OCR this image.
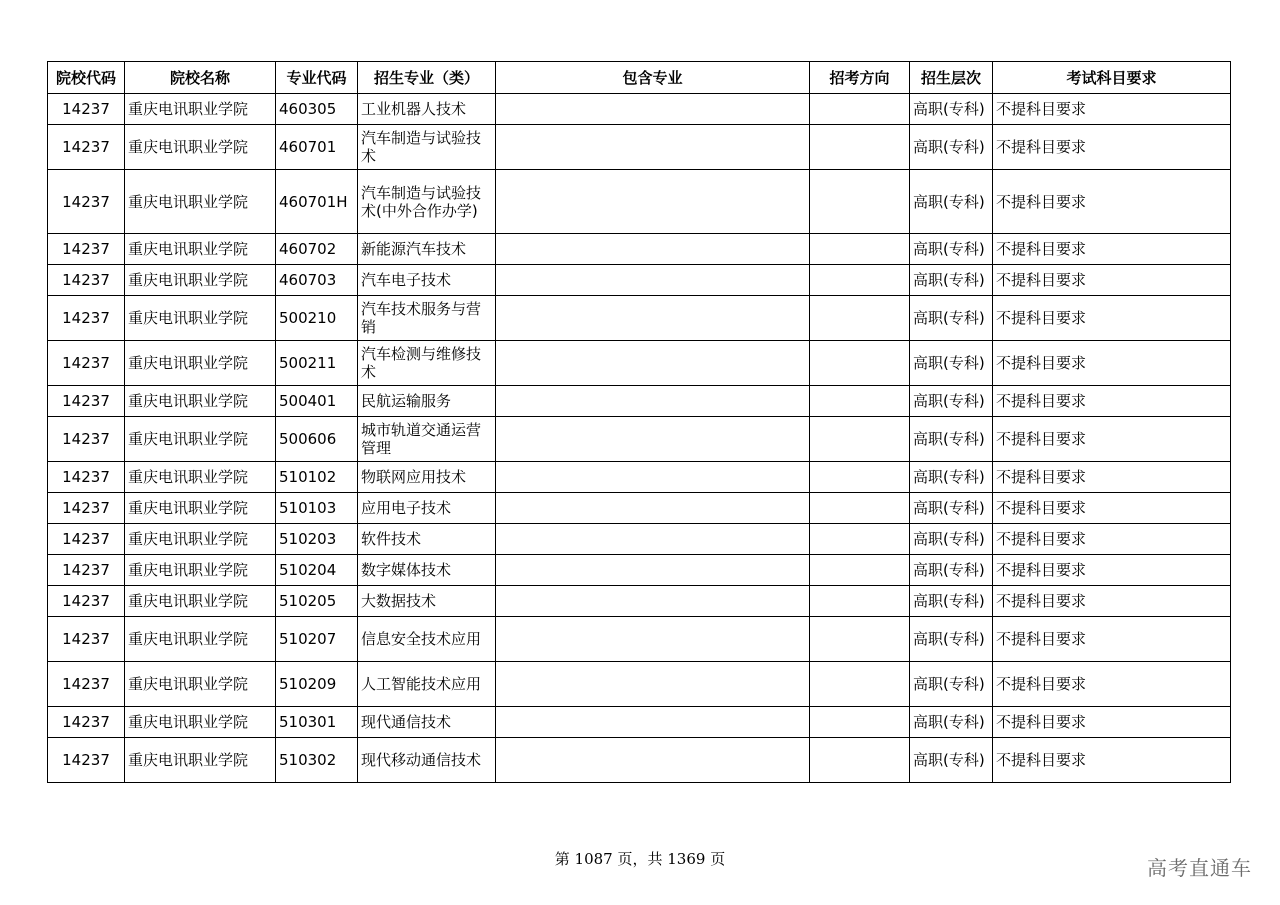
院校代码	院校名称	专业代码	招生专业（类）	包含专业	招考方向	招生层次	考试科目要求
14237	重庆电讯职业学院	460305	工业机器人技术			高职(专科)	不提科目要求
14237	重庆电讯职业学院	460701	汽车制造与试验技术			高职(专科)	不提科目要求
14237	重庆电讯职业学院	460701H	汽车制造与试验技术(中外合作办学)			高职(专科)	不提科目要求
14237	重庆电讯职业学院	460702	新能源汽车技术			高职(专科)	不提科目要求
14237	重庆电讯职业学院	460703	汽车电子技术			高职(专科)	不提科目要求
14237	重庆电讯职业学院	500210	汽车技术服务与营销			高职(专科)	不提科目要求
14237	重庆电讯职业学院	500211	汽车检测与维修技术			高职(专科)	不提科目要求
14237	重庆电讯职业学院	500401	民航运输服务			高职(专科)	不提科目要求
14237	重庆电讯职业学院	500606	城市轨道交通运营管理			高职(专科)	不提科目要求
14237	重庆电讯职业学院	510102	物联网应用技术			高职(专科)	不提科目要求
14237	重庆电讯职业学院	510103	应用电子技术			高职(专科)	不提科目要求
14237	重庆电讯职业学院	510203	软件技术			高职(专科)	不提科目要求
14237	重庆电讯职业学院	510204	数字媒体技术			高职(专科)	不提科目要求
14237	重庆电讯职业学院	510205	大数据技术			高职(专科)	不提科目要求
14237	重庆电讯职业学院	510207	信息安全技术应用			高职(专科)	不提科目要求
14237	重庆电讯职业学院	510209	人工智能技术应用			高职(专科)	不提科目要求
14237	重庆电讯职业学院	510301	现代通信技术			高职(专科)	不提科目要求
14237	重庆电讯职业学院	510302	现代移动通信技术			高职(专科)	不提科目要求
第 1087 页，共 1369 页	高考直通车
